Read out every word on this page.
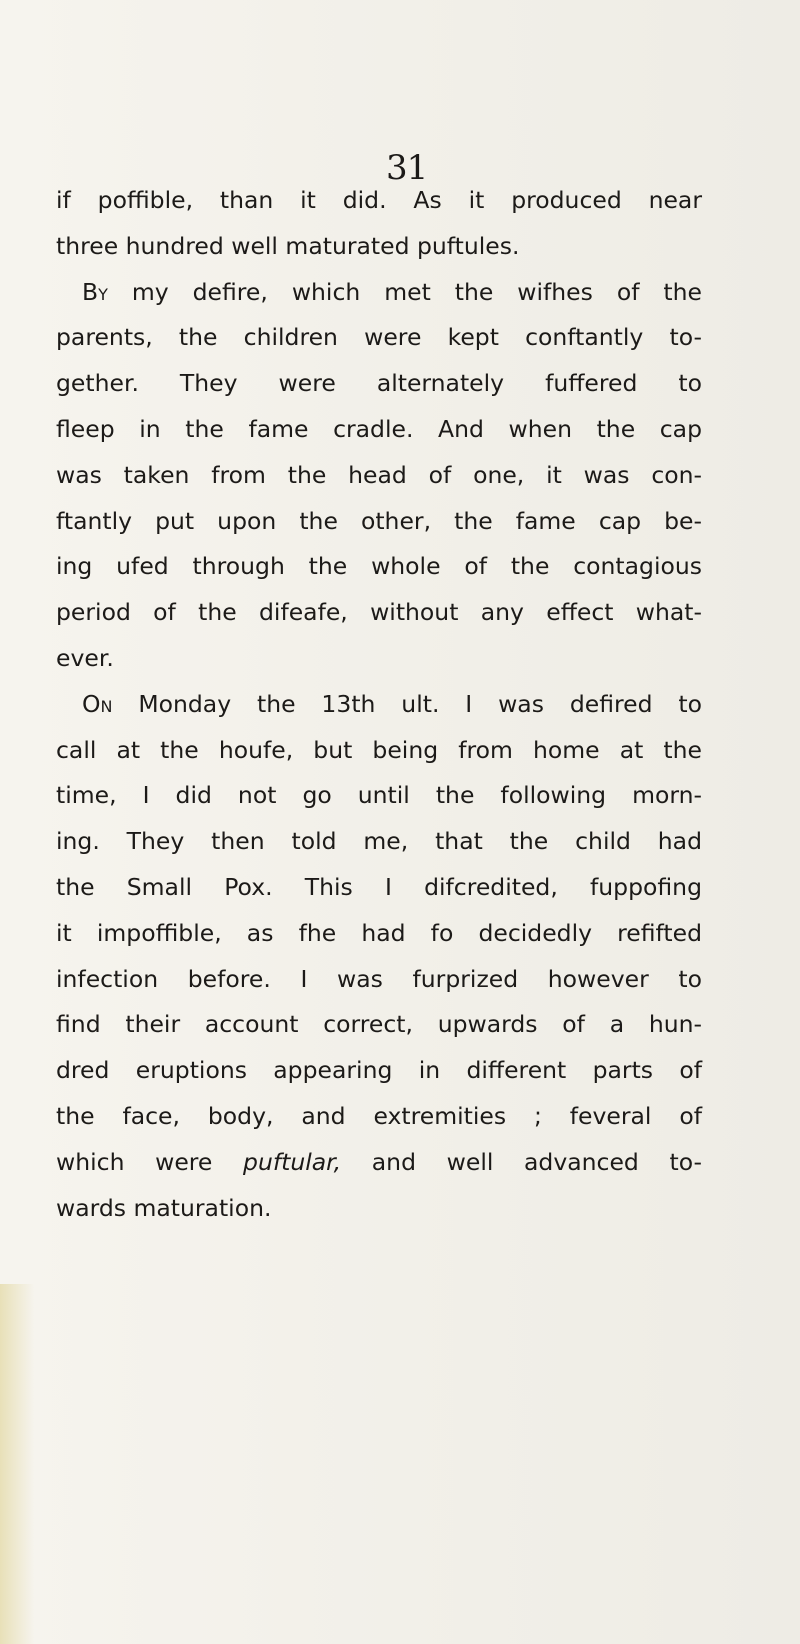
31
if poffible, than it did. As it produced near
three hundred well maturated puftules.
By my defire, which met the wifhes of the
parents, the children were kept conftantly to-
gether. They were alternately fuffered to
fleep in the fame cradle. And when the cap
was taken from the head of one, it was con-
ftantly put upon the other, the fame cap be-
ing ufed through the whole of the contagious
period of the difeafe, without any effect what-
ever.
On Monday the 13th ult. I was defired to
call at the houfe, but being from home at the
time, I did not go until the following morn-
ing. They then told me, that the child had
the Small Pox. This I difcredited, fuppofing
it impoffible, as fhe had fo decidedly refifted
infection before. I was furprized however to
find their account correct, upwards of a hun-
dred eruptions appearing in different parts of
the face, body, and extremities ; feveral of
which were puftular, and well advanced to-
wards maturation.
